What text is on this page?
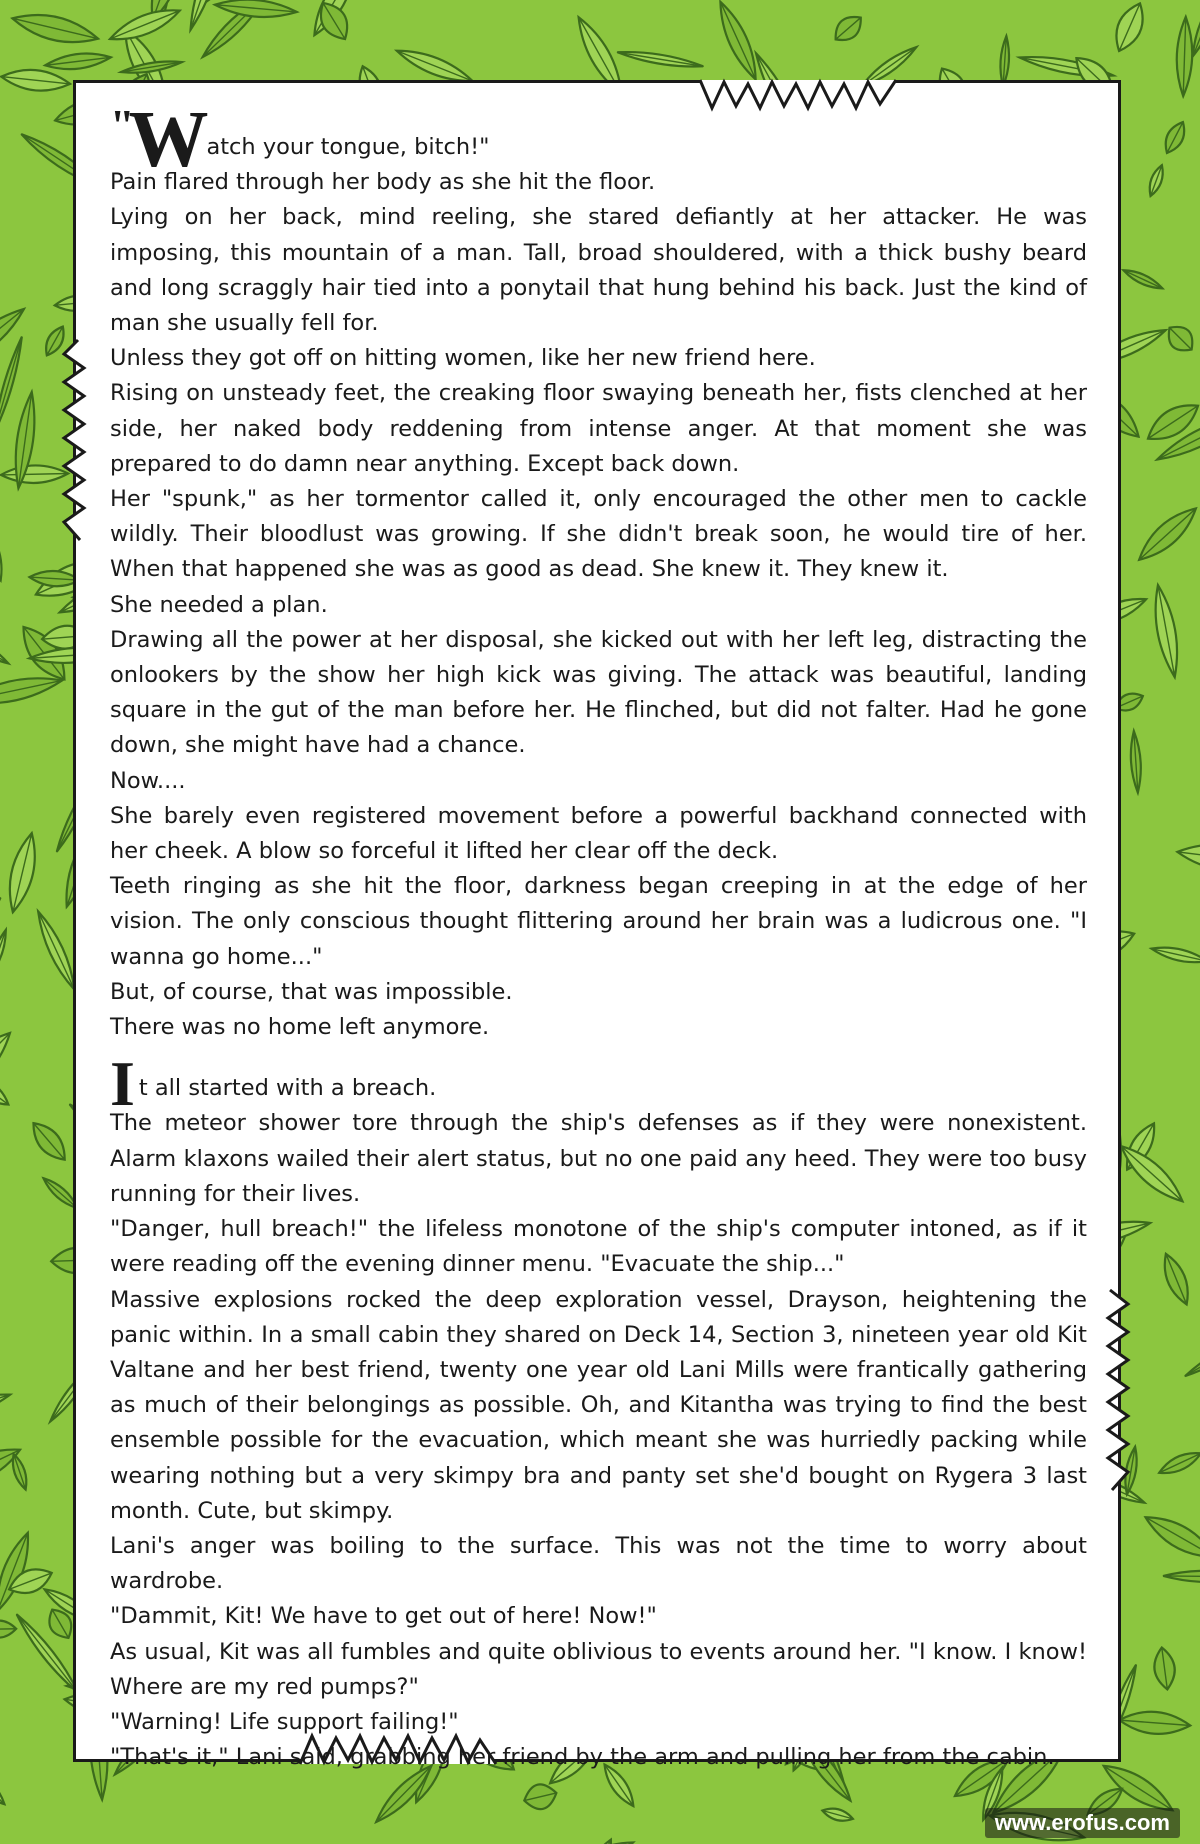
"Watch your tongue, bitch!"

Pain flared through her body as she hit the floor.

Lying on her back, mind reeling, she stared defiantly at her attacker. He was imposing, this mountain of a man. Tall, broad shouldered, with a thick bushy beard and long scraggly hair tied into a ponytail that hung behind his back. Just the kind of man she usually fell for.

Unless they got off on hitting women, like her new friend here.

Rising on unsteady feet, the creaking floor swaying beneath her, fists clenched at her side, her naked body reddening from intense anger. At that moment she was prepared to do damn near anything. Except back down.

Her "spunk," as her tormentor called it, only encouraged the other men to cackle wildly. Their bloodlust was growing. If she didn't break soon, he would tire of her. When that happened she was as good as dead. She knew it. They knew it.

She needed a plan.

Drawing all the power at her disposal, she kicked out with her left leg, distracting the onlookers by the show her high kick was giving. The attack was beautiful, landing square in the gut of the man before her. He flinched, but did not falter. Had he gone down, she might have had a chance.

Now....

She barely even registered movement before a powerful backhand connected with her cheek. A blow so forceful it lifted her clear off the deck.

Teeth ringing as she hit the floor, darkness began creeping in at the edge of her vision. The only conscious thought flittering around her brain was a ludicrous one. "I wanna go home..."

But, of course, that was impossible.

There was no home left anymore.

It all started with a breach.

The meteor shower tore through the ship's defenses as if they were nonexistent. Alarm klaxons wailed their alert status, but no one paid any heed. They were too busy running for their lives.

"Danger, hull breach!" the lifeless monotone of the ship's computer intoned, as if it were reading off the evening dinner menu. "Evacuate the ship..."

Massive explosions rocked the deep exploration vessel, Drayson, heightening the panic within. In a small cabin they shared on Deck 14, Section 3, nineteen year old Kit Valtane and her best friend, twenty one year old Lani Mills were frantically gathering as much of their belongings as possible. Oh, and Kitantha was trying to find the best ensemble possible for the evacuation, which meant she was hurriedly packing while wearing nothing but a very skimpy bra and panty set she'd bought on Rygera 3 last month. Cute, but skimpy.

Lani's anger was boiling to the surface. This was not the time to worry about wardrobe.

"Dammit, Kit! We have to get out of here! Now!"

As usual, Kit was all fumbles and quite oblivious to events around her. "I know. I know! Where are my red pumps?"

"Warning! Life support failing!"

"That's it," Lani said, grabbing her friend by the arm and pulling her from the cabin.

www.erofus.com
